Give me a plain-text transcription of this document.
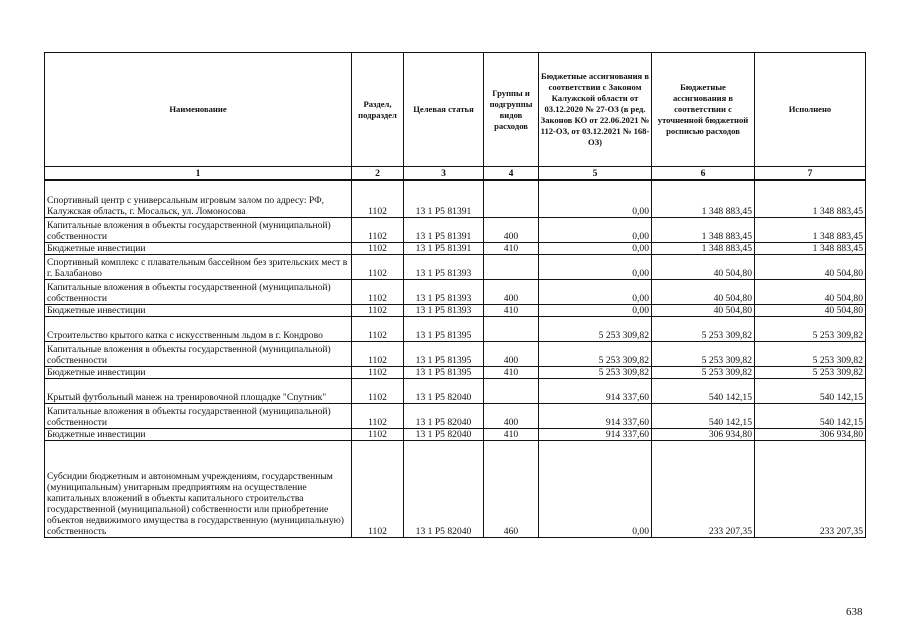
Наименование	Раздел, подраздел	Целевая статья	Группы и подгруппы видов расходов	Бюджетные ассигнования в соответствии с Законом Калужской области от 03.12.2020 № 27-ОЗ (в ред. Законов КО от 22.06.2021 № 112-ОЗ, от 03.12.2021 № 168-ОЗ)	Бюджетные ассигнования в соответствии с уточненной бюджетной росписью расходов	Исполнено
1	2	3	4	5	6	7
Спортивный центр с универсальным игровым залом по адресу: РФ, Калужская область, г. Мосальск, ул. Ломоносова	1102	13 1 P5 81391		0,00	1 348 883,45	1 348 883,45
Капитальные вложения в объекты государственной (муниципальной) собственности	1102	13 1 P5 81391	400	0,00	1 348 883,45	1 348 883,45
Бюджетные инвестиции	1102	13 1 P5 81391	410	0,00	1 348 883,45	1 348 883,45
Спортивный комплекс с плавательным бассейном без зрительских мест в г. Балабаново	1102	13 1 P5 81393		0,00	40 504,80	40 504,80
Капитальные вложения в объекты государственной (муниципальной) собственности	1102	13 1 P5 81393	400	0,00	40 504,80	40 504,80
Бюджетные инвестиции	1102	13 1 P5 81393	410	0,00	40 504,80	40 504,80
Строительство крытого катка с искусственным льдом в г. Кондрово	1102	13 1 P5 81395		5 253 309,82	5 253 309,82	5 253 309,82
Капитальные вложения в объекты государственной (муниципальной) собственности	1102	13 1 P5 81395	400	5 253 309,82	5 253 309,82	5 253 309,82
Бюджетные инвестиции	1102	13 1 P5 81395	410	5 253 309,82	5 253 309,82	5 253 309,82
Крытый футбольный манеж на тренировочной площадке "Спутник"	1102	13 1 P5 82040		914 337,60	540 142,15	540 142,15
Капитальные вложения в объекты государственной (муниципальной) собственности	1102	13 1 P5 82040	400	914 337,60	540 142,15	540 142,15
Бюджетные инвестиции	1102	13 1 P5 82040	410	914 337,60	306 934,80	306 934,80
Субсидии бюджетным и автономным учреждениям, государственным (муниципальным) унитарным предприятиям на осуществление капитальных вложений в объекты капитального строительства государственной (муниципальной) собственности или приобретение объектов недвижимого имущества в государственную (муниципальную) собственность	1102	13 1 P5 82040	460	0,00	233 207,35	233 207,35
638
